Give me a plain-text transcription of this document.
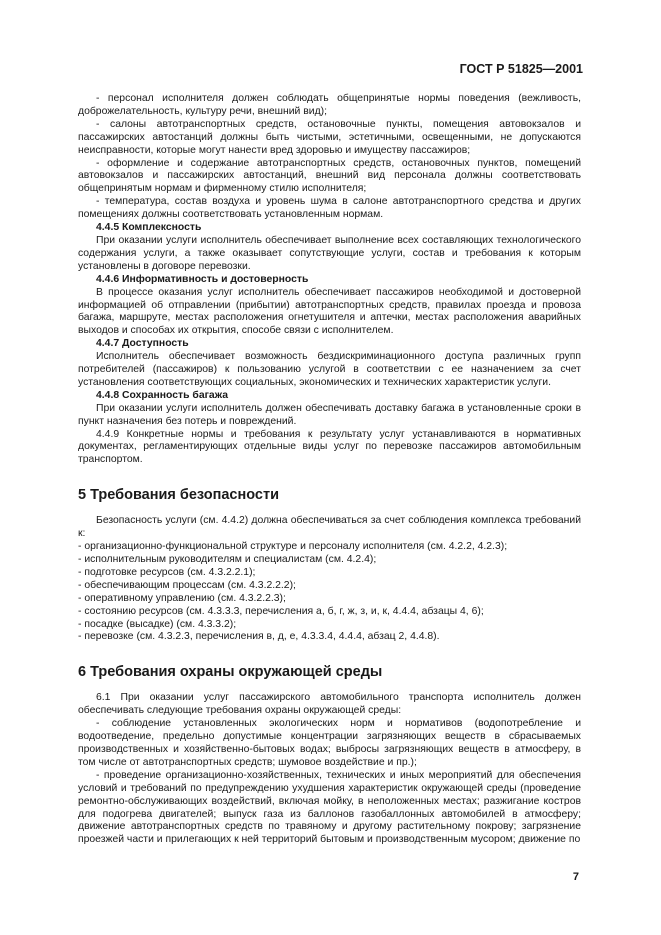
ГОСТ Р 51825—2001

- персонал исполнителя должен соблюдать общепринятые нормы поведения (вежливость, доброжелательность, культуру речи, внешний вид);

- салоны автотранспортных средств, остановочные пункты, помещения автовокзалов и пассажирских автостанций должны быть чистыми, эстетичными, освещенными, не допускаются неисправности, которые могут нанести вред здоровью и имуществу пассажиров;

- оформление и содержание автотранспортных средств, остановочных пунктов, помещений автовокзалов и пассажирских автостанций, внешний вид персонала должны соответствовать общепринятым нормам и фирменному стилю исполнителя;

- температура, состав воздуха и уровень шума в салоне автотранспортного средства и других помещениях должны соответствовать установленным нормам.

4.4.5 Комплексность

При оказании услуги исполнитель обеспечивает выполнение всех составляющих технологического содержания услуги, а также оказывает сопутствующие услуги, состав и требования к которым установлены в договоре перевозки.

4.4.6 Информативность и достоверность

В процессе оказания услуг исполнитель обеспечивает пассажиров необходимой и достоверной информацией об отправлении (прибытии) автотранспортных средств, правилах проезда и провоза багажа, маршруте, местах расположения огнетушителя и аптечки, местах расположения аварийных выходов и способах их открытия, способе связи с исполнителем.

4.4.7 Доступность

Исполнитель обеспечивает возможность бездискриминационного доступа различных групп потребителей (пассажиров) к пользованию услугой в соответствии с ее назначением за счет установления соответствующих социальных, экономических и технических характеристик услуги.

4.4.8 Сохранность багажа

При оказании услуги исполнитель должен обеспечивать доставку багажа в установленные сроки в пункт назначения без потерь и повреждений.

4.4.9 Конкретные нормы и требования к результату услуг устанавливаются в нормативных документах, регламентирующих отдельные виды услуг по перевозке пассажиров автомобильным транспортом.

5 Требования безопасности

Безопасность услуги (см. 4.4.2) должна обеспечиваться за счет соблюдения комплекса требований к:

- организационно-функциональной структуре и персоналу исполнителя (см. 4.2.2, 4.2.3);

- исполнительным руководителям и специалистам (см. 4.2.4);

- подготовке ресурсов (см. 4.3.2.2.1);

- обеспечивающим процессам (см. 4.3.2.2.2);

- оперативному управлению (см. 4.3.2.2.3);

- состоянию ресурсов (см. 4.3.3.3, перечисления а, б, г, ж, з, и, к, 4.4.4, абзацы 4, 6);

- посадке (высадке) (см. 4.3.3.2);

- перевозке (см. 4.3.2.3, перечисления в, д, е, 4.3.3.4, 4.4.4, абзац 2, 4.4.8).

6 Требования охраны окружающей среды

6.1 При оказании услуг пассажирского автомобильного транспорта исполнитель должен обеспечивать следующие требования охраны окружающей среды:

- соблюдение установленных экологических норм и нормативов (водопотребление и водоотведение, предельно допустимые концентрации загрязняющих веществ в сбрасываемых производственных и хозяйственно-бытовых водах; выбросы загрязняющих веществ в атмосферу, в том числе от автотранспортных средств; шумовое воздействие и пр.);

- проведение организационно-хозяйственных, технических и иных мероприятий для обеспечения условий и требований по предупреждению ухудшения характеристик окружающей среды (проведение ремонтно-обслуживающих воздействий, включая мойку, в неположенных местах; разжигание костров для подогрева двигателей; выпуск газа из баллонов газобаллонных автомобилей в атмосферу; движение автотранспортных средств по травяному и другому растительному покрову; загрязнение проезжей части и прилегающих к ней территорий бытовым и производственным мусором; движение по

7
